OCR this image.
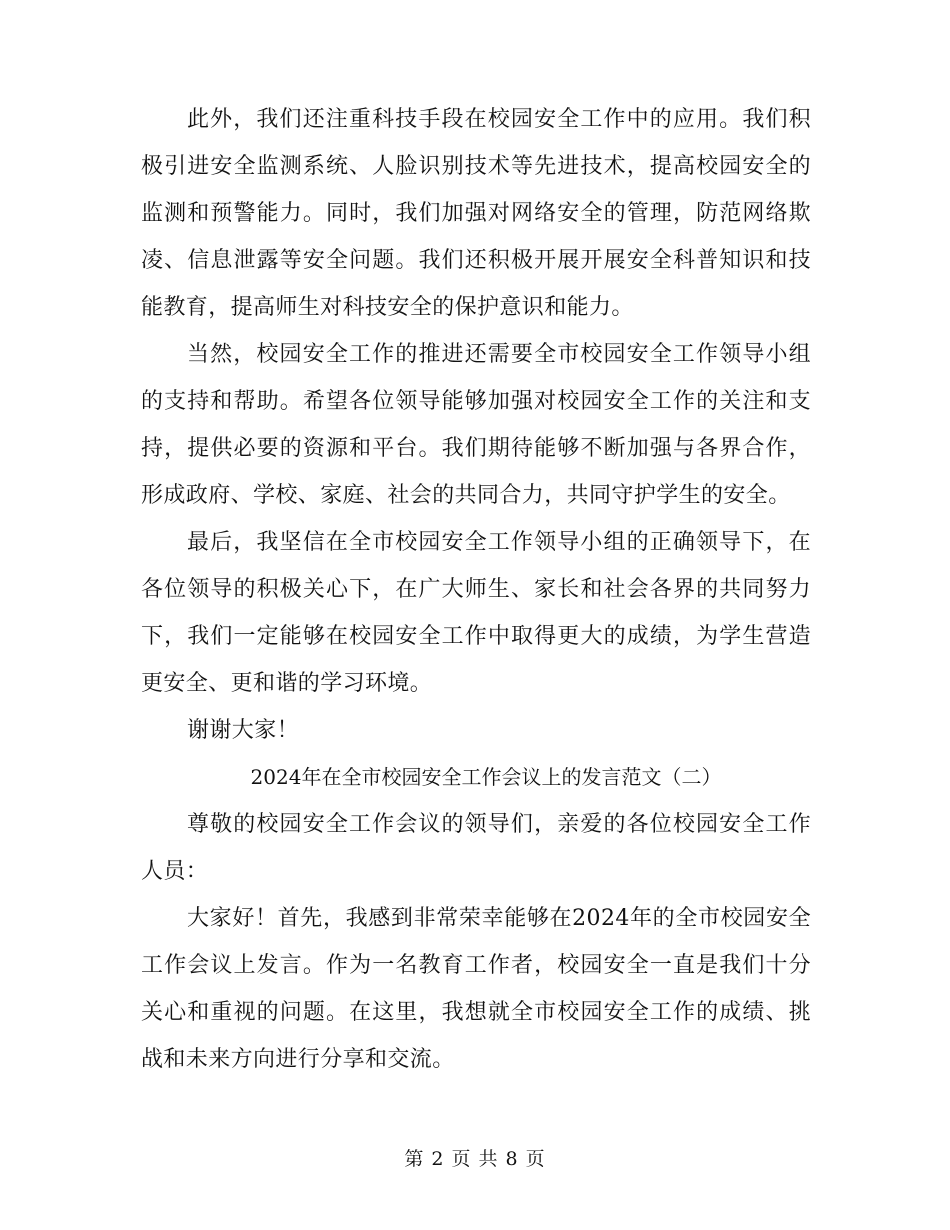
此外，我们还注重科技手段在校园安全工作中的应用。我们积极引进安全监测系统、人脸识别技术等先进技术，提高校园安全的监测和预警能力。同时，我们加强对网络安全的管理，防范网络欺凌、信息泄露等安全问题。我们还积极开展开展安全科普知识和技能教育，提高师生对科技安全的保护意识和能力。

当然，校园安全工作的推进还需要全市校园安全工作领导小组的支持和帮助。希望各位领导能够加强对校园安全工作的关注和支持，提供必要的资源和平台。我们期待能够不断加强与各界合作，形成政府、学校、家庭、社会的共同合力，共同守护学生的安全。

最后，我坚信在全市校园安全工作领导小组的正确领导下，在各位领导的积极关心下，在广大师生、家长和社会各界的共同努力下，我们一定能够在校园安全工作中取得更大的成绩，为学生营造更安全、更和谐的学习环境。

谢谢大家！

2024年在全市校园安全工作会议上的发言范文（二）

尊敬的校园安全工作会议的领导们，亲爱的各位校园安全工作人员：

大家好！首先，我感到非常荣幸能够在2024年的全市校园安全工作会议上发言。作为一名教育工作者，校园安全一直是我们十分关心和重视的问题。在这里，我想就全市校园安全工作的成绩、挑战和未来方向进行分享和交流。

第 2 页 共 8 页
